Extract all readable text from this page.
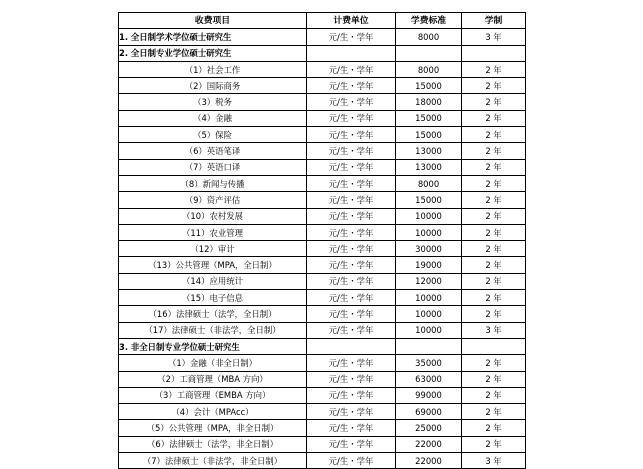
收费项目	计费单位	学费标准	学制
1. 全日制学术学位硕士研究生	元/生・学年	8000	3 年
2. 全日制专业学位硕士研究生			
（1）社会工作	元/生・学年	8000	2 年
（2）国际商务	元/生・学年	15000	2 年
（3）税务	元/生・学年	18000	2 年
（4）金融	元/生・学年	15000	2 年
（5）保险	元/生・学年	15000	2 年
（6）英语笔译	元/生・学年	13000	2 年
（7）英语口译	元/生・学年	13000	2 年
（8）新闻与传播	元/生・学年	8000	2 年
（9）资产评估	元/生・学年	15000	2 年
（10）农村发展	元/生・学年	10000	2 年
（11）农业管理	元/生・学年	10000	2 年
（12）审计	元/生・学年	30000	2 年
（13）公共管理（MPA，全日制）	元/生・学年	19000	2 年
（14）应用统计	元/生・学年	12000	2 年
（15）电子信息	元/生・学年	10000	2 年
（16）法律硕士（法学，全日制）	元/生・学年	10000	2 年
（17）法律硕士（非法学，全日制）	元/生・学年	10000	3 年
3. 非全日制专业学位硕士研究生			
（1）金融（非全日制）	元/生・学年	35000	2 年
（2）工商管理（MBA 方向）	元/生・学年	63000	2 年
（3）工商管理（EMBA 方向）	元/生・学年	99000	2 年
（4）会计（MPAcc）	元/生・学年	69000	2 年
（5）公共管理（MPA，非全日制）	元/生・学年	25000	2 年
（6）法律硕士（法学，非全日制）	元/生・学年	22000	2 年
（7）法律硕士（非法学，非全日制）	元/生・学年	22000	3 年
